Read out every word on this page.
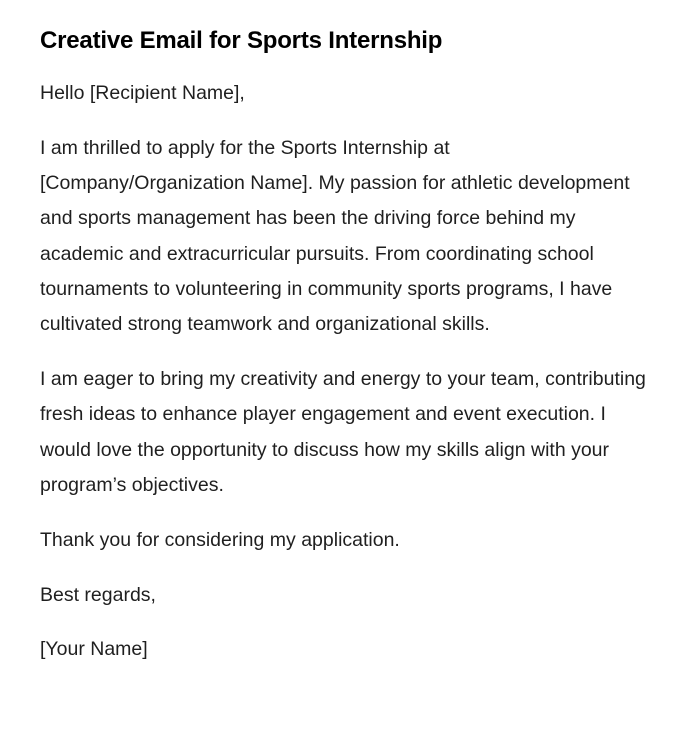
Creative Email for Sports Internship

Hello [Recipient Name],

I am thrilled to apply for the Sports Internship at [Company/Organization Name]. My passion for athletic development and sports management has been the driving force behind my academic and extracurricular pursuits. From coordinating school tournaments to volunteering in community sports programs, I have cultivated strong teamwork and organizational skills.

I am eager to bring my creativity and energy to your team, contributing fresh ideas to enhance player engagement and event execution. I would love the opportunity to discuss how my skills align with your program’s objectives.

Thank you for considering my application.

Best regards,

[Your Name]
